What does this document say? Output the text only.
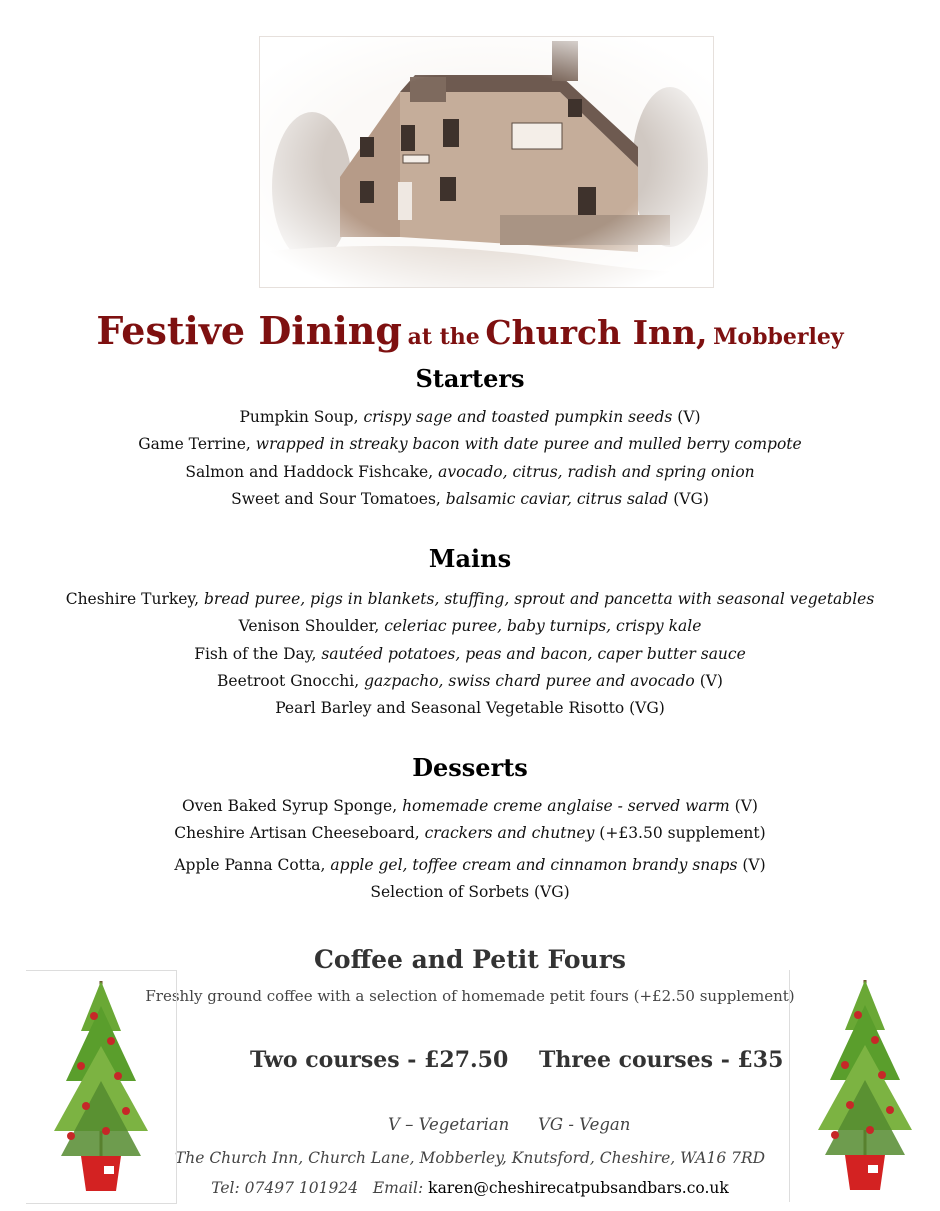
Festive Dining at the Church Inn, Mobberley
Starters
Pumpkin Soup, crispy sage and toasted pumpkin seeds (V)
Game Terrine, wrapped in streaky bacon with date puree and mulled berry compote
Salmon and Haddock Fishcake, avocado, citrus, radish and spring onion
Sweet and Sour Tomatoes, balsamic caviar, citrus salad (VG)
Mains
Cheshire Turkey, bread puree, pigs in blankets, stuffing, sprout and pancetta with seasonal vegetables
Venison Shoulder, celeriac puree, baby turnips, crispy kale
Fish of the Day, sautéed potatoes, peas and bacon, caper butter sauce
Beetroot Gnocchi, gazpacho, swiss chard puree and avocado (V)
Pearl Barley and Seasonal Vegetable Risotto (VG)
Desserts
Oven Baked Syrup Sponge, homemade creme anglaise - served warm (V)
Cheshire Artisan Cheeseboard, crackers and chutney (+£3.50 supplement)
Apple Panna Cotta, apple gel, toffee cream and cinnamon brandy snaps (V)
Selection of Sorbets (VG)
Coffee and Petit Fours
Freshly ground coffee with a selection of homemade petit fours (+£2.50 supplement)
Two courses - £27.50 Three courses - £35
V – Vegetarian VG - Vegan
The Church Inn, Church Lane, Mobberley, Knutsford, Cheshire, WA16 7RD
Tel: 07497 101924 Email: karen@cheshirecatpubsandbars.co.uk
